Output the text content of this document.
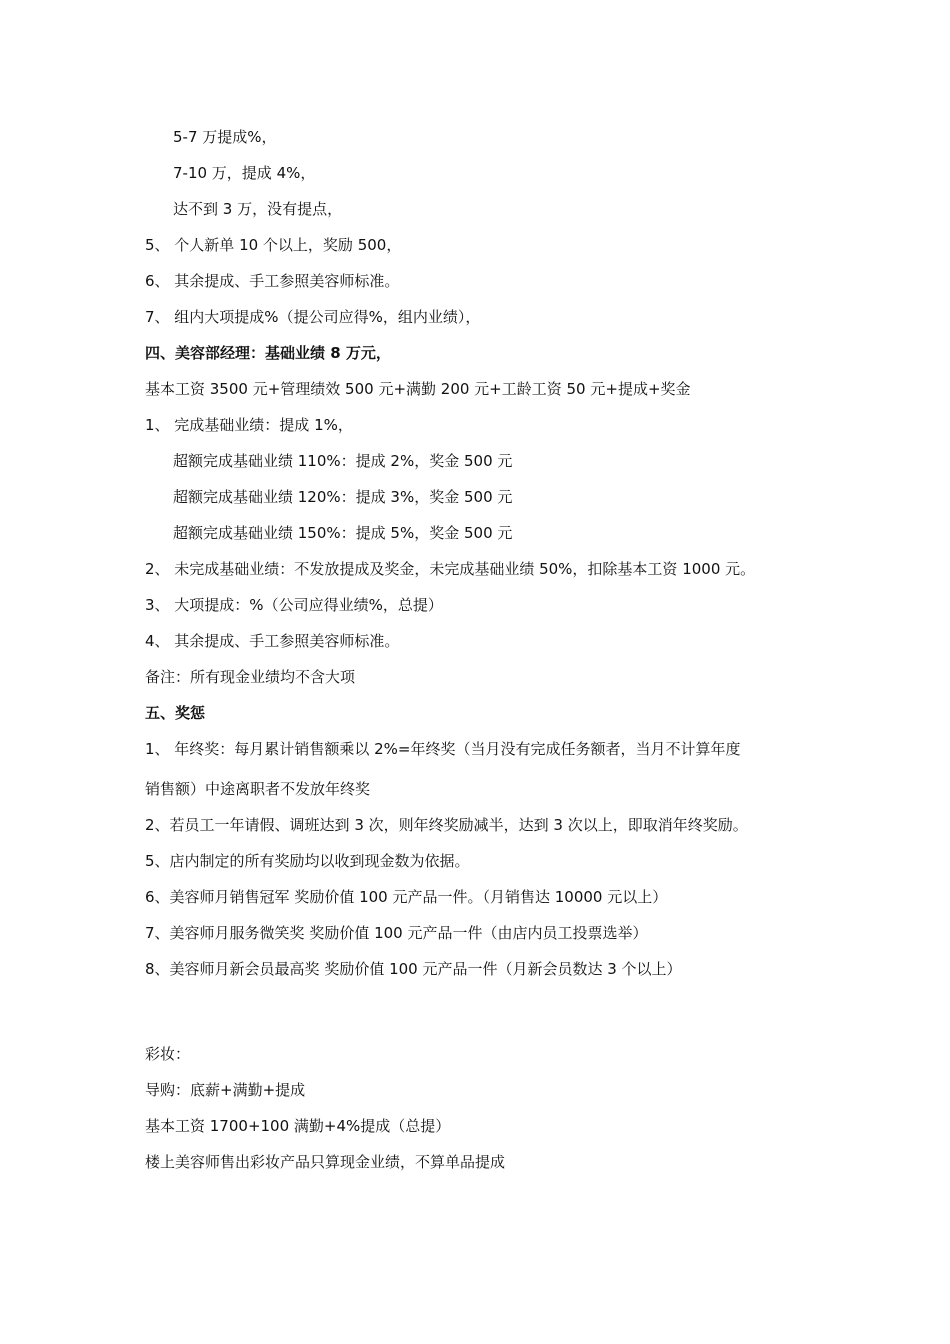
5-7 万提成%，

7-10 万，提成 4%，

达不到 3 万，没有提点，

5、 个人新单 10 个以上，奖励 500，

6、 其余提成、手工参照美容师标准。

7、 组内大项提成%（提公司应得%，组内业绩），

四、美容部经理：基础业绩 8 万元，

基本工资 3500 元+管理绩效 500 元+满勤 200 元+工龄工资 50 元+提成+奖金

1、 完成基础业绩：提成 1%，

超额完成基础业绩 110%：提成 2%，奖金 500 元

超额完成基础业绩 120%：提成 3%，奖金 500 元

超额完成基础业绩 150%：提成 5%，奖金 500 元

2、 未完成基础业绩：不发放提成及奖金，未完成基础业绩 50%，扣除基本工资 1000 元。

3、 大项提成：%（公司应得业绩%，总提）

4、 其余提成、手工参照美容师标准。

备注：所有现金业绩均不含大项

五、奖惩

1、 年终奖：每月累计销售额乘以 2%=年终奖（当月没有完成任务额者，当月不计算年度

销售额）中途离职者不发放年终奖

2、若员工一年请假、调班达到 3 次，则年终奖励减半，达到 3 次以上，即取消年终奖励。

5、店内制定的所有奖励均以收到现金数为依据。

6、美容师月销售冠军 奖励价值 100 元产品一件。（月销售达 10000 元以上）

7、美容师月服务微笑奖 奖励价值 100 元产品一件（由店内员工投票选举）

8、美容师月新会员最高奖 奖励价值 100 元产品一件（月新会员数达 3 个以上）

彩妆：

导购：底薪+满勤+提成

基本工资 1700+100 满勤+4%提成（总提）

楼上美容师售出彩妆产品只算现金业绩，不算单品提成
